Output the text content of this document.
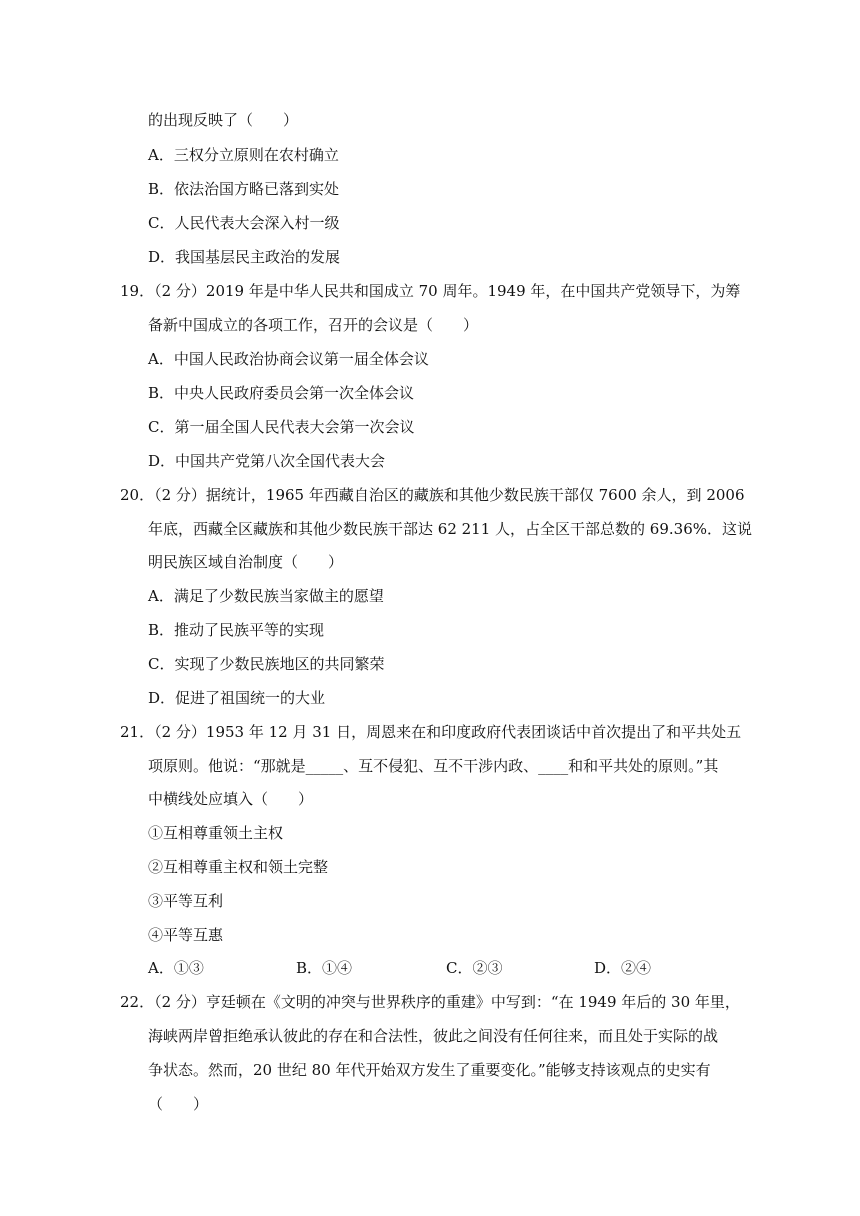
的出现反映了（　　）
A．三权分立原则在农村确立
B．依法治国方略已落到实处
C．人民代表大会深入村一级
D．我国基层民主政治的发展
19．（2 分）2019 年是中华人民共和国成立 70 周年。1949 年，在中国共产党领导下，为筹
备新中国成立的各项工作，召开的会议是（　　）
A．中国人民政治协商会议第一届全体会议
B．中央人民政府委员会第一次全体会议
C．第一届全国人民代表大会第一次会议
D．中国共产党第八次全国代表大会
20．（2 分）据统计，1965 年西藏自治区的藏族和其他少数民族干部仅 7600 余人，到 2006
年底，西藏全区藏族和其他少数民族干部达 62 211 人，占全区干部总数的 69.36%．这说
明民族区域自治制度（　　）
A．满足了少数民族当家做主的愿望
B．推动了民族平等的实现
C．实现了少数民族地区的共同繁荣
D．促进了祖国统一的大业
21．（2 分）1953 年 12 月 31 日，周恩来在和印度政府代表团谈话中首次提出了和平共处五
项原则。他说：“那就是_____、互不侵犯、互不干涉内政、____和和平共处的原则。”其
中横线处应填入（　　）
①互相尊重领土主权
②互相尊重主权和领土完整
③平等互利
④平等互惠
A．①③	B．①④	C．②③	D．②④
22．（2 分）亨廷顿在《文明的冲突与世界秩序的重建》中写到：“在 1949 年后的 30 年里，
海峡两岸曾拒绝承认彼此的存在和合法性，彼此之间没有任何往来，而且处于实际的战
争状态。然而，20 世纪 80 年代开始双方发生了重要变化。”能够支持该观点的史实有
（　　）
